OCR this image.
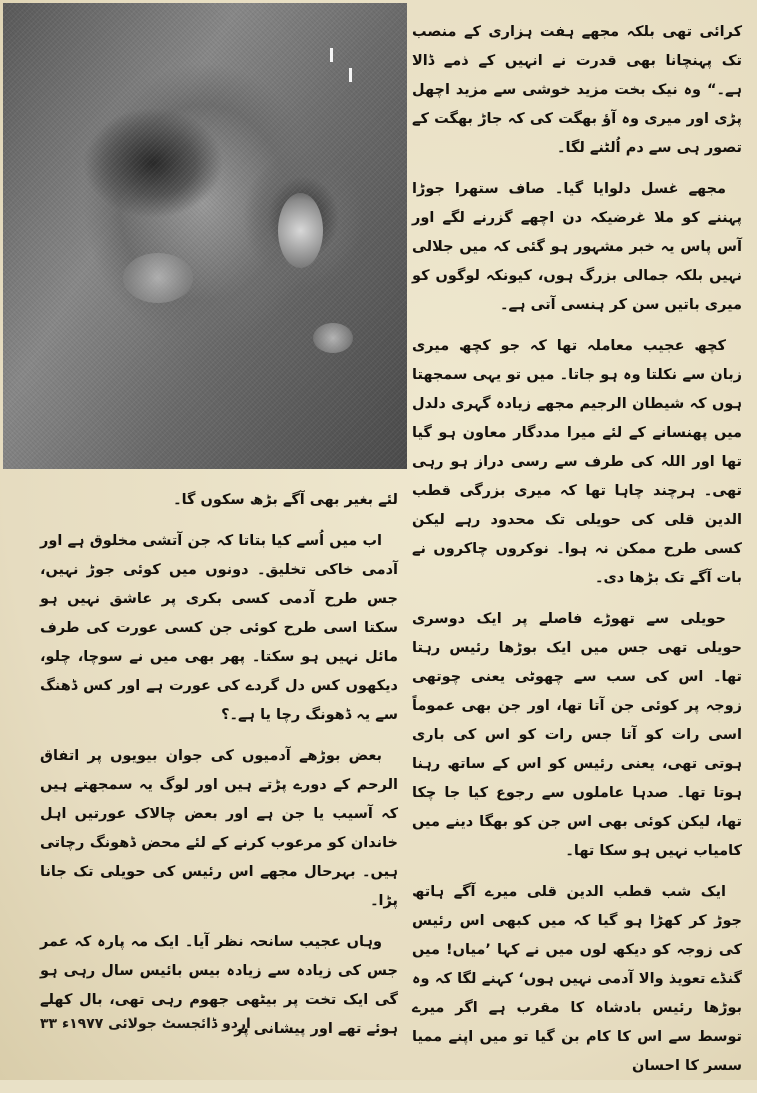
کرائی تھی بلکہ مجھے ہفت ہزاری کے منصب تک پہنچانا بھی قدرت نے انہیں کے ذمے ڈالا ہے۔“ وہ نیک بخت مزید خوشی سے مزید اچھل پڑی اور میری وہ آؤ بھگت کی کہ جاڑ بھگت کے تصور ہی سے دم اُلٹنے لگا۔

مجھے غسل دلوایا گیا۔ صاف ستھرا جوڑا پہننے کو ملا غرضیکہ دن اچھے گزرنے لگے اور آس پاس یہ خبر مشہور ہو گئی کہ میں جلالی نہیں بلکہ جمالی بزرگ ہوں، کیونکہ لوگوں کو میری باتیں سن کر ہنسی آتی ہے۔

کچھ عجیب معاملہ تھا کہ جو کچھ میری زبان سے نکلتا وہ ہو جاتا۔ میں تو یہی سمجھتا ہوں کہ شیطان الرجیم مجھے زیادہ گہری دلدل میں پھنسانے کے لئے میرا مددگار معاون ہو گیا تھا اور اللہ کی طرف سے رسی دراز ہو رہی تھی۔ ہرچند چاہا تھا کہ میری بزرگی قطب الدین قلی کی حویلی تک محدود رہے لیکن کسی طرح ممکن نہ ہوا۔ نوکروں چاکروں نے بات آگے تک بڑھا دی۔

حویلی سے تھوڑے فاصلے پر ایک دوسری حویلی تھی جس میں ایک بوڑھا رئیس رہتا تھا۔ اس کی سب سے چھوٹی یعنی چوتھی زوجہ پر کوئی جن آتا تھا، اور جن بھی عموماً اسی رات کو آتا جس رات کو اس کی باری ہوتی تھی، یعنی رئیس کو اس کے ساتھ رہنا ہوتا تھا۔ صدہا عاملوں سے رجوع کیا جا چکا تھا، لیکن کوئی بھی اس جن کو بھگا دینے میں کامیاب نہیں ہو سکا تھا۔

ایک شب قطب الدین قلی میرے آگے ہاتھ جوڑ کر کھڑا ہو گیا کہ میں کبھی اس رئیس کی زوجہ کو دیکھ لوں میں نے کہا ’میاں! میں گنڈے تعویذ والا آدمی نہیں ہوں‘ کہنے لگا کہ وہ بوڑھا رئیس بادشاہ کا مقرب ہے اگر میرے توسط سے اس کا کام بن گیا تو میں اپنے ممیا سسر کا احسان

لئے بغیر بھی آگے بڑھ سکوں گا۔

اب میں اُسے کیا بتاتا کہ جن آتشی مخلوق ہے اور آدمی خاکی تخلیق۔ دونوں میں کوئی جوڑ نہیں، جس طرح آدمی کسی بکری پر عاشق نہیں ہو سکتا اسی طرح کوئی جن کسی عورت کی طرف مائل نہیں ہو سکتا۔ پھر بھی میں نے سوچا، چلو، دیکھوں کس دل گردے کی عورت ہے اور کس ڈھنگ سے یہ ڈھونگ رچا یا ہے۔؟

بعض بوڑھے آدمیوں کی جوان بیویوں پر اتفاق الرحم کے دورے پڑتے ہیں اور لوگ یہ سمجھتے ہیں کہ آسیب یا جن ہے اور بعض چالاک عورتیں اہل خاندان کو مرعوب کرنے کے لئے محض ڈھونگ رچاتی ہیں۔ بہرحال مجھے اس رئیس کی حویلی تک جانا پڑا۔

وہاں عجیب سانحہ نظر آیا۔ ایک مہ پارہ کہ عمر جس کی زیادہ سے زیادہ بیس بائیس سال رہی ہو گی ایک تخت پر بیٹھی جھوم رہی تھی، بال کھلے ہوئے تھے اور پیشانی پر

اردو ڈائجسٹ جولائی ۱۹۷۷ء ۳۳
